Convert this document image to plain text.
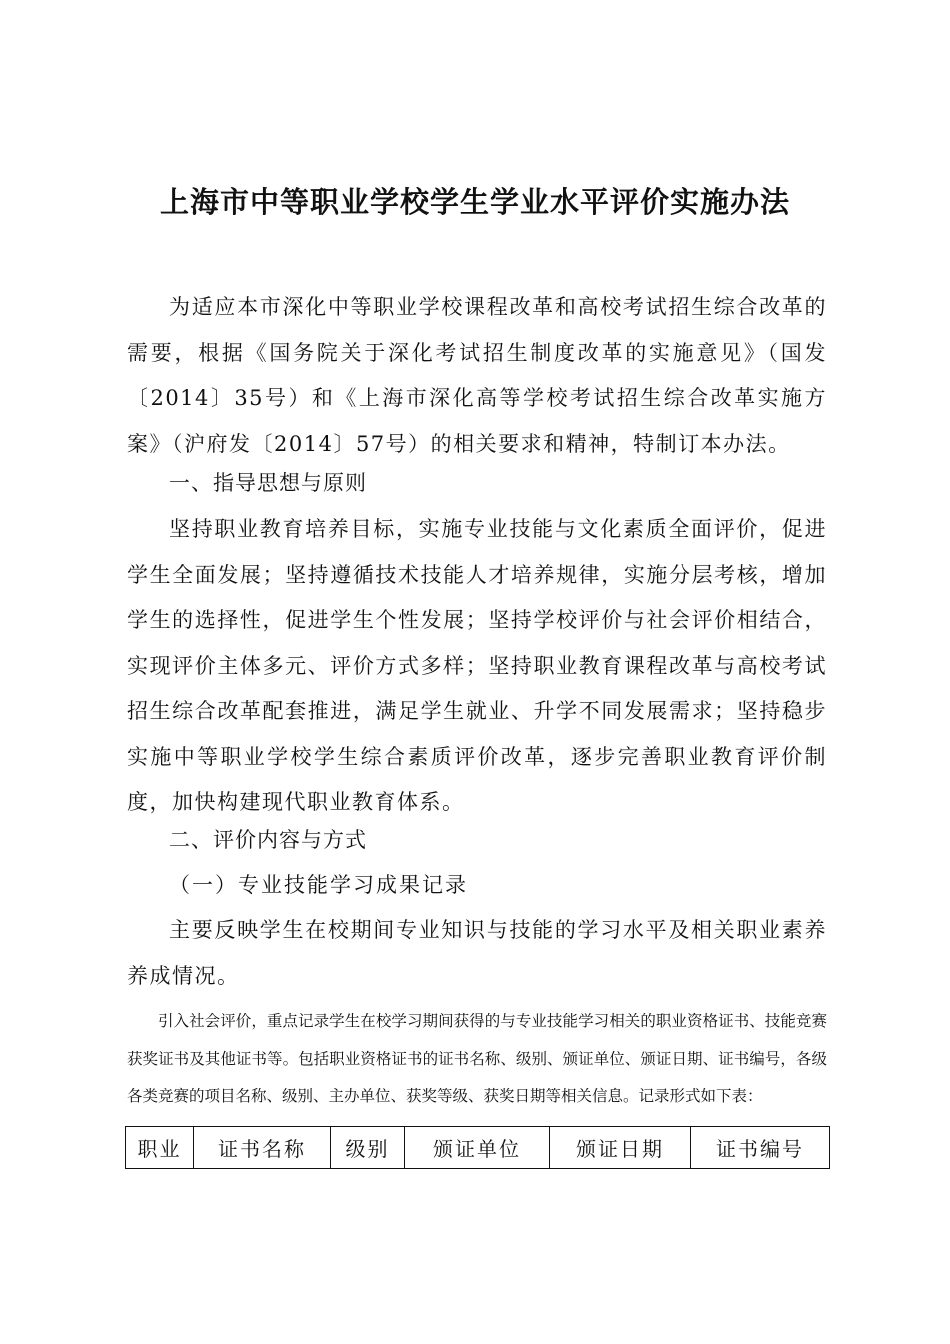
上海市中等职业学校学生学业水平评价实施办法

为适应本市深化中等职业学校课程改革和高校考试招生综合改革的需要，根据《国务院关于深化考试招生制度改革的实施意见》（国发〔2014〕35号）和《上海市深化高等学校考试招生综合改革实施方案》（沪府发〔2014〕57号）的相关要求和精神，特制订本办法。

一、指导思想与原则

坚持职业教育培养目标，实施专业技能与文化素质全面评价，促进学生全面发展；坚持遵循技术技能人才培养规律，实施分层考核，增加学生的选择性，促进学生个性发展；坚持学校评价与社会评价相结合，实现评价主体多元、评价方式多样；坚持职业教育课程改革与高校考试招生综合改革配套推进，满足学生就业、升学不同发展需求；坚持稳步实施中等职业学校学生综合素质评价改革，逐步完善职业教育评价制度，加快构建现代职业教育体系。

二、评价内容与方式

（一）专业技能学习成果记录

主要反映学生在校期间专业知识与技能的学习水平及相关职业素养养成情况。

引入社会评价，重点记录学生在校学习期间获得的与专业技能学习相关的职业资格证书、技能竞赛获奖证书及其他证书等。包括职业资格证书的证书名称、级别、颁证单位、颁证日期、证书编号，各级各类竞赛的项目名称、级别、主办单位、获奖等级、获奖日期等相关信息。记录形式如下表：

职业	证书名称	级别	颁证单位	颁证日期	证书编号
